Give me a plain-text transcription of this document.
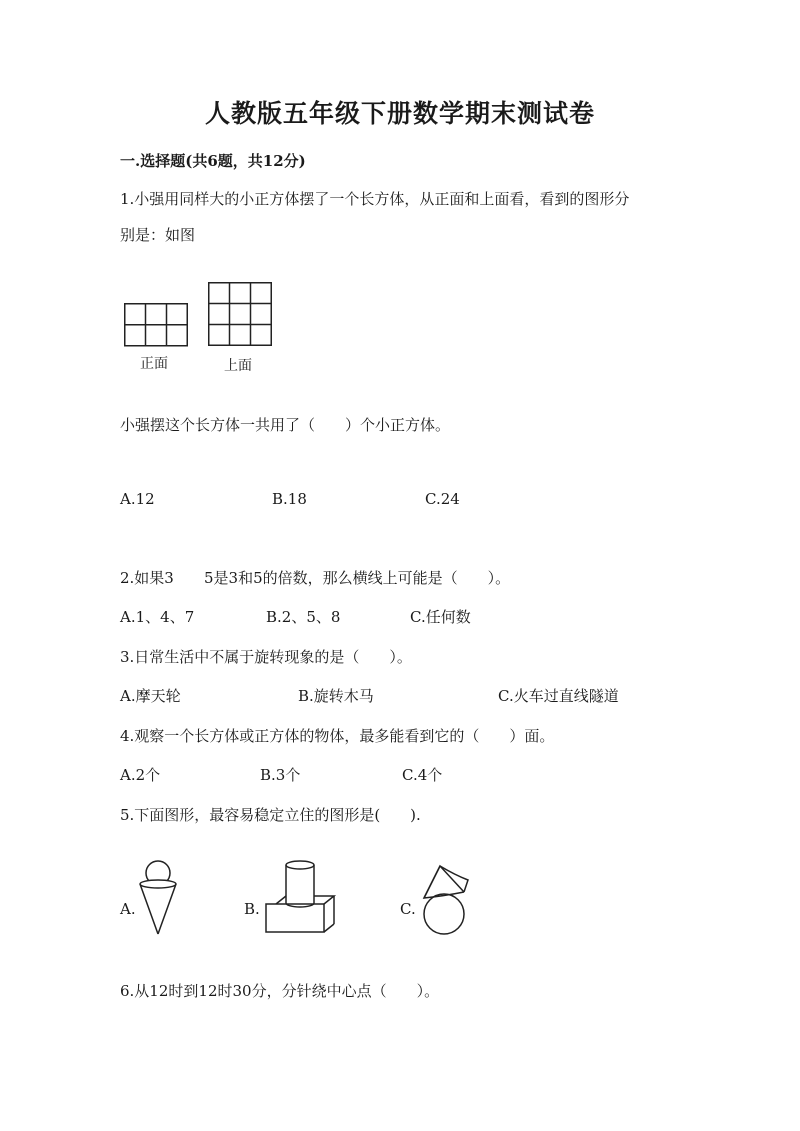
人教版五年级下册数学期末测试卷
一.选择题(共6题，共12分)
1.小强用同样大的小正方体摆了一个长方体，从正面和上面看，看到的图形分
别是：如图
正面	上面
小强摆这个长方体一共用了（　　）个小正方体。
A.12	B.18	C.24
2.如果3 5是3和5的倍数，那么横线上可能是（　　）。
A.1、4、7	B.2、5、8	C.任何数
3.日常生活中不属于旋转现象的是（　　）。
A.摩天轮	B.旋转木马	C.火车过直线隧道
4.观察一个长方体或正方体的物体，最多能看到它的（　　）面。
A.2个	B.3个	C.4个
5.下面图形，最容易稳定立住的图形是(　　).
A.	B.	C.
6.从12时到12时30分，分针绕中心点（　　）。
